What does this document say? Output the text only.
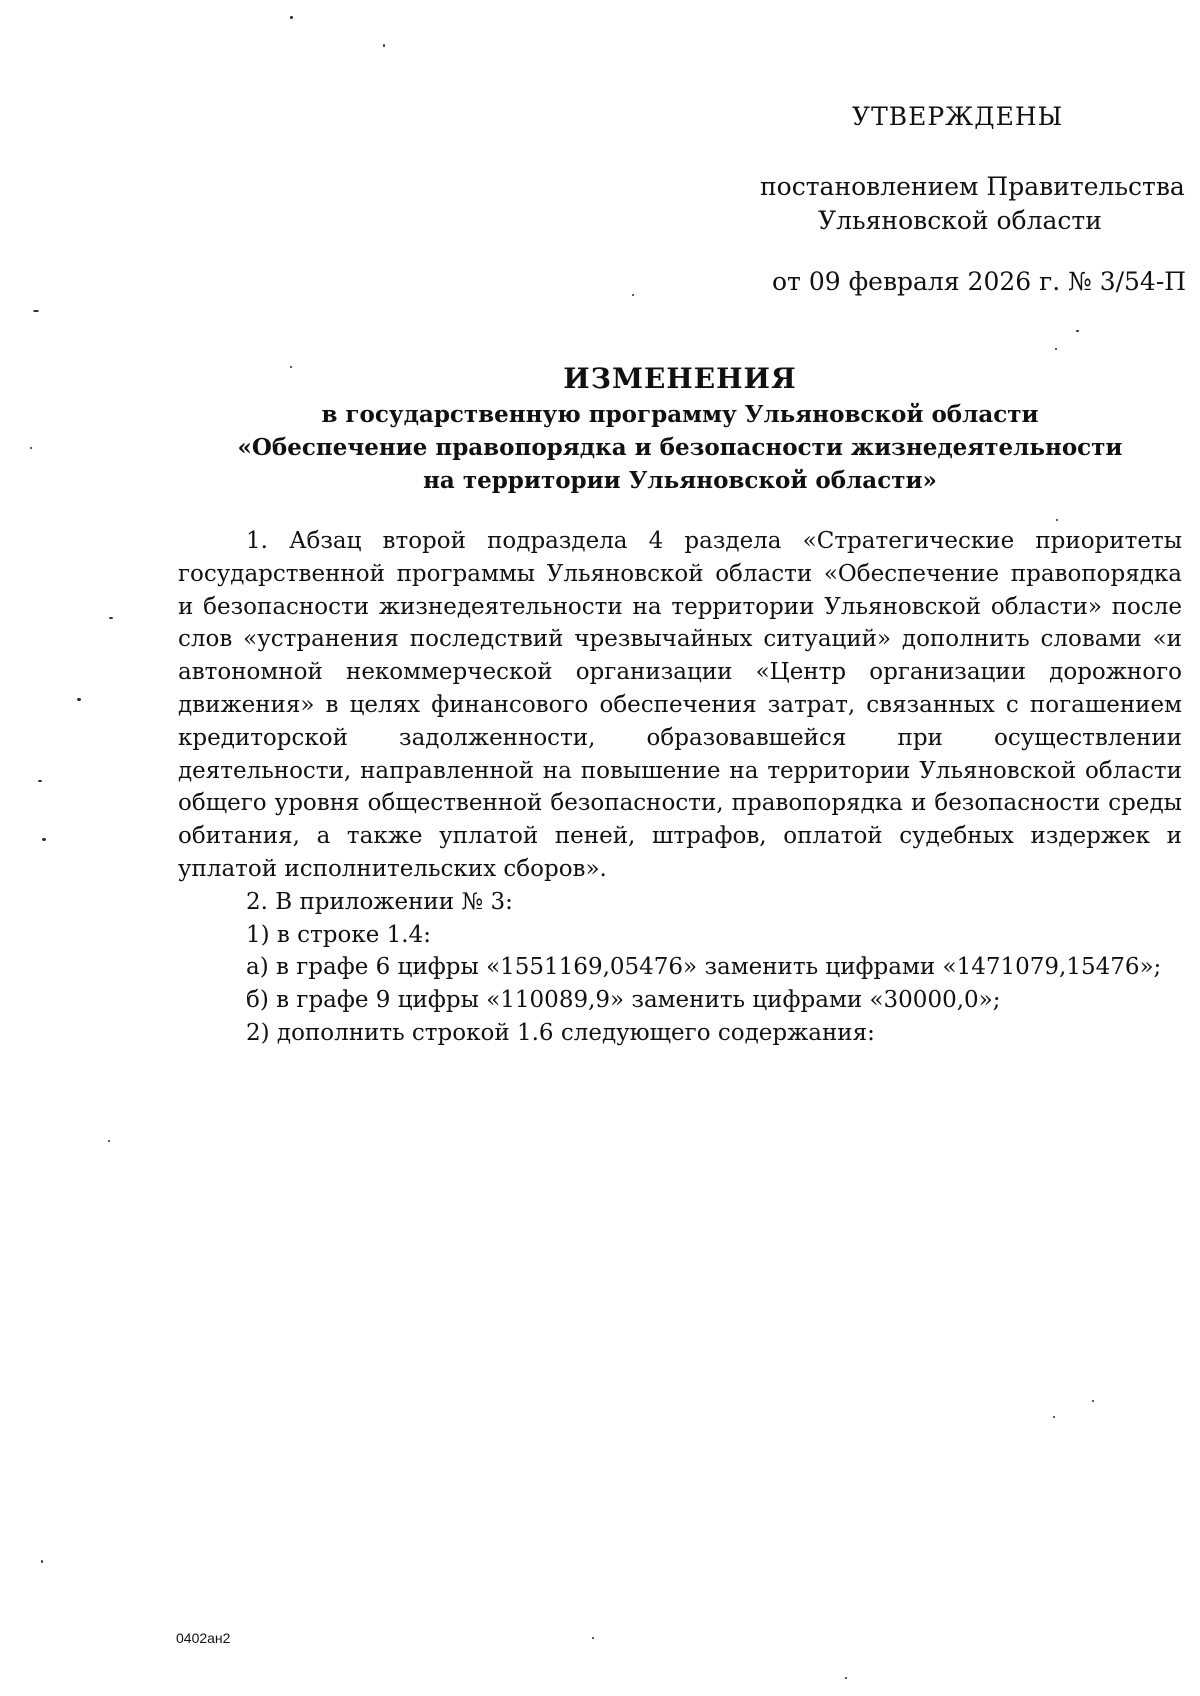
УТВЕРЖДЕНЫ
постановлением Правительства
Ульяновской области
от 09 февраля 2026 г. № 3/54-П
ИЗМЕНЕНИЯ
в государственную программу Ульяновской области
«Обеспечение правопорядка и безопасности жизнедеятельности
на территории Ульяновской области»

1. Абзац второй подраздела 4 раздела «Стратегические приоритеты государственной программы Ульяновской области «Обеспечение правопорядка и безопасности жизнедеятельности на территории Ульяновской области» после слов «устранения последствий чрезвычайных ситуаций» дополнить словами «и автономной некоммерческой организации «Центр организации дорожного движения» в целях финансового обеспечения затрат, связанных с погашением кредиторской задолженности, образовавшейся при осуществлении деятельности, направленной на повышение на территории Ульяновской области общего уровня общественной безопасности, правопорядка и безопасности среды обитания, а также уплатой пеней, штрафов, оплатой судебных издержек и уплатой исполнительских сборов».

2. В приложении № 3:

1) в строке 1.4:

а) в графе 6 цифры «1551169,05476» заменить цифрами «1471079,15476»;

б) в графе 9 цифры «110089,9» заменить цифрами «30000,0»;

2) дополнить строкой 1.6 следующего содержания:

0402ан2
